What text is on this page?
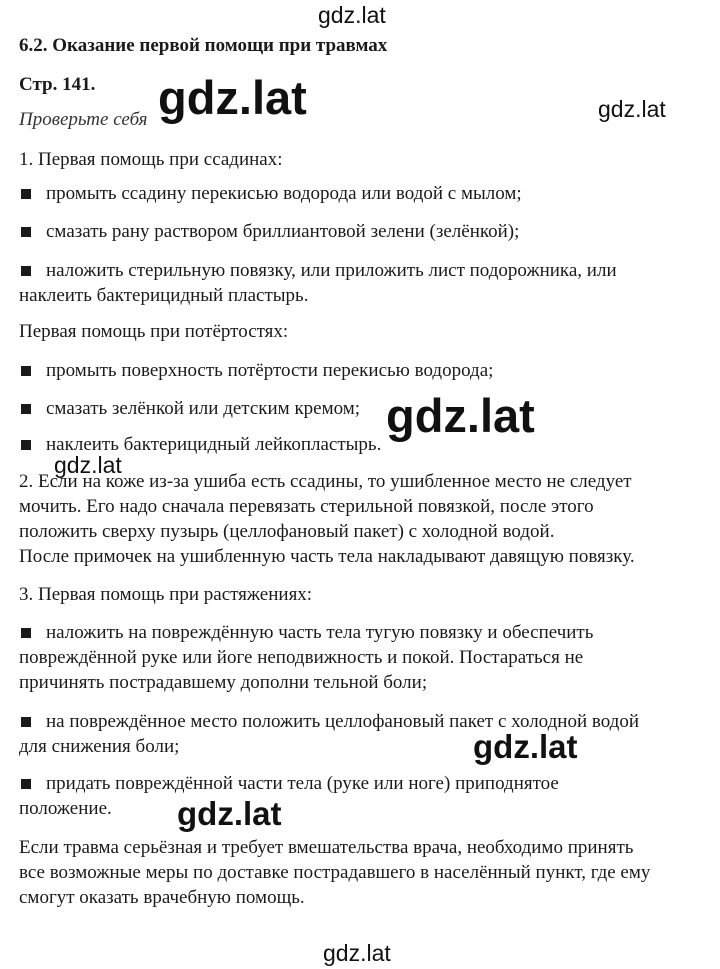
6.2. Оказание первой помощи при травмах
Стр. 141.
Проверьте себя
1. Первая помощь при ссадинах:
промыть ссадину перекисью водорода или водой с мылом;
смазать рану раствором бриллиантовой зелени (зелёнкой);
наложить стерильную повязку, или приложить лист подорожника, или
наклеить бактерицидный пластырь.
Первая помощь при потёртостях:
промыть поверхность потёртости перекисью водорода;
смазать зелёнкой или детским кремом;
наклеить бактерицидный лейкопластырь.
2. Если на коже из-за ушиба есть ссадины, то ушибленное место не следует
мочить. Его надо сначала перевязать стерильной повязкой, после этого
положить сверху пузырь (целлофановый пакет) с холодной водой.
После примочек на ушибленную часть тела накладывают давящую повязку.
3. Первая помощь при растяжениях:
наложить на повреждённую часть тела тугую повязку и обеспечить
повреждённой руке или йоге неподвижность и покой. Постараться не
причинять пострадавшему дополни тельной боли;
на повреждённое место положить целлофановый пакет с холодной водой
для снижения боли;
придать повреждённой части тела (руке или ноге) приподнятое
положение.
Если травма серьёзная и требует вмешательства врача, необходимо принять
все возможные меры по доставке пострадавшего в населённый пункт, где ему
смогут оказать врачебную помощь.
gdz.lat
gdz.lat	gdz.lat
gdz.lat
gdz.lat
gdz.lat
gdz.lat
gdz.lat
